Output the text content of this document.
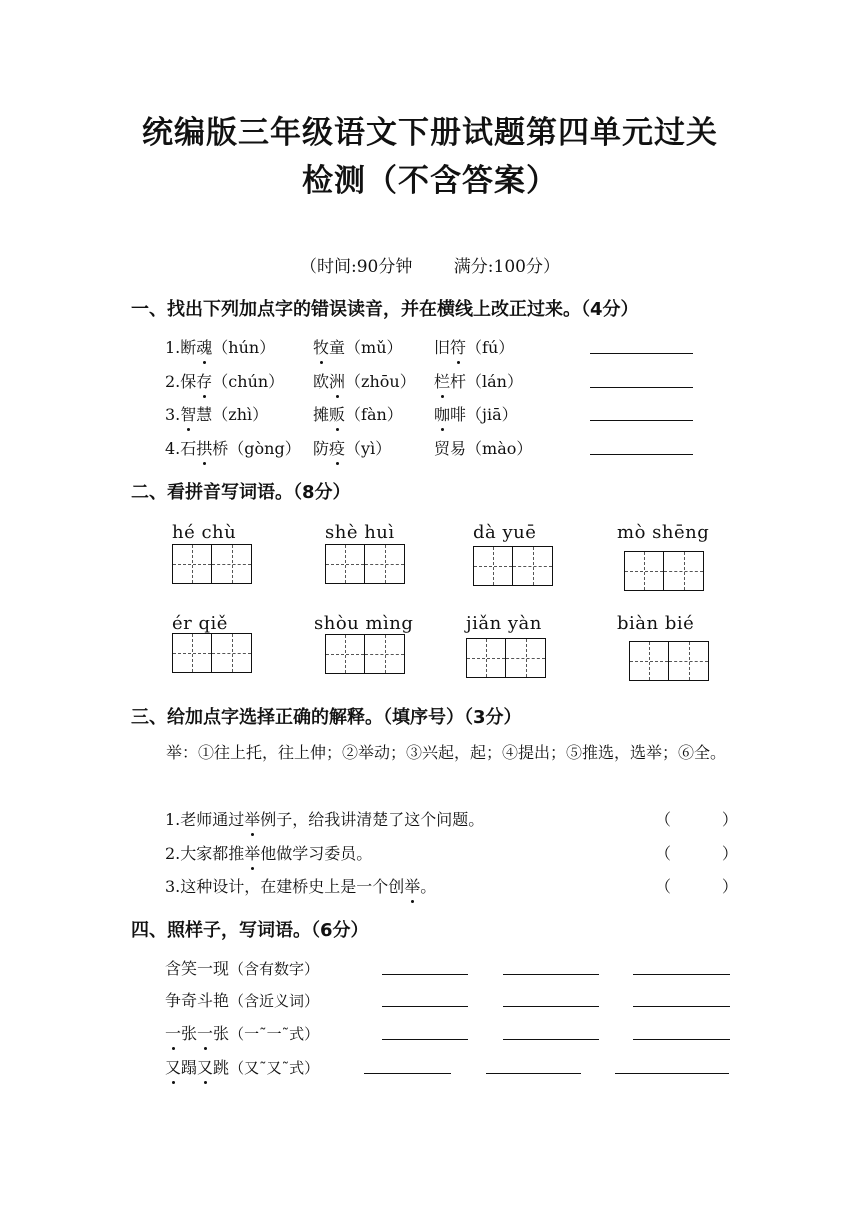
统编版三年级语文下册试题第四单元过关
检测（不含答案）
（时间:90分钟 满分:100分）
一、找出下列加点字的错误读音，并在横线上改正过来。（4分）
1.断魂（hún） 牧童（mǔ） 旧符（fú）
2.保存（chún） 欧洲（zhōu） 栏杆（lán）
3.智慧（zhì）	摊贩（fàn） 咖啡（jiā）
4.石拱桥（gòng） 防疫（yì）	贸易（mào）
二、看拼音写词语。（8分）
hé chù	shè huì	dà yuē	mò shēng
ér qiě	shòu mìng	jiǎn yàn	biàn bié
三、给加点字选择正确的解释。（填序号）（3分）
举：①往上托，往上伸；②举动；③兴起，起；④提出；⑤推选，选举；⑥全。
1.老师通过举例子，给我讲清楚了这个问题。	（          ）
2.大家都推举他做学习委员。	（          ）
3.这种设计，在建桥史上是一个创举。	（          ）
四、照样子，写词语。（6分）
含笑一现（含有数字）
争奇斗艳（含近义词）
一张一张（一˜一˜式）
又蹋又跳（又˜又˜式）
